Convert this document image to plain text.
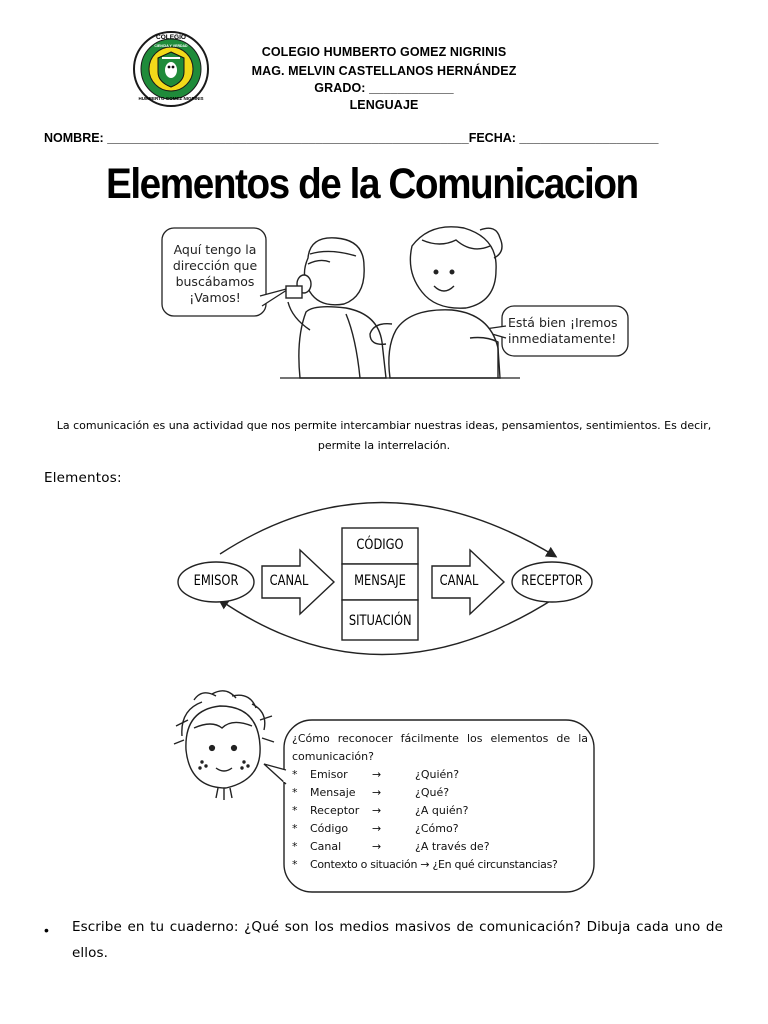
COLEGIO
HUMBERTO GOMEZ NIGRINIS
CIENCIA Y VERDAD	COLEGIO HUMBERTO GOMEZ NIGRINIS
MAG. MELVIN CASTELLANOS HERNÁNDEZ
GRADO: ____________
LENGUAJE
NOMBRE: ____________________________________________________FECHA: ____________________
Elementos de la Comunicacion
Aquí tengo la
dirección que
buscábamos
¡Vamos!
Está bien ¡Iremos
inmediatamente!
La comunicación es una actividad que nos permite intercambiar nuestras ideas, pensamientos, sentimientos. Es decir,
permite la interrelación.
Elementos:
EMISOR	CANAL
CÓDIGO
MENSAJE
SITUACIÓN
CANAL	RECEPTOR
¿Cómo reconocer fácilmente los elementos de la comunicación?
* Emisor →	¿Quién?
* Mensaje →	¿Qué?
* Receptor →	¿A quién?
* Código →	¿Cómo?
* Canal	→	¿A través de?
* Contexto o situación → ¿En qué circunstancias?
• Escribe en tu cuaderno: ¿Qué son los medios masivos de comunicación? Dibuja cada uno de ellos.
